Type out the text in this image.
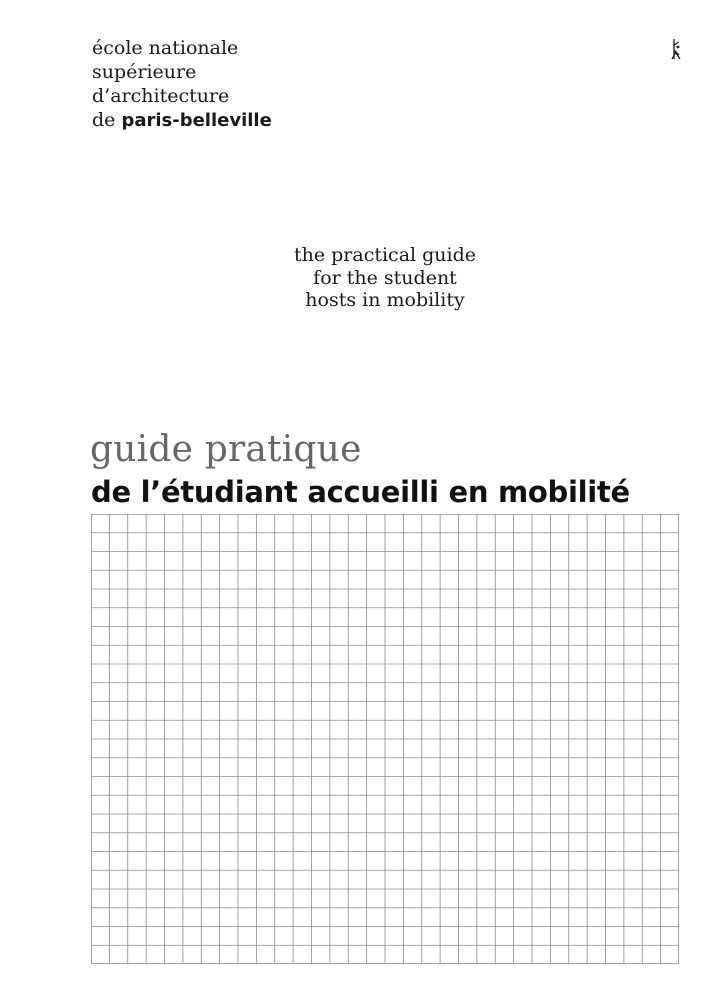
école nationale
supérieure
d’architecture
de paris-belleville
the practical guide
for the student
hosts in mobility
guide pratique
de l’étudiant accueilli en mobilité
